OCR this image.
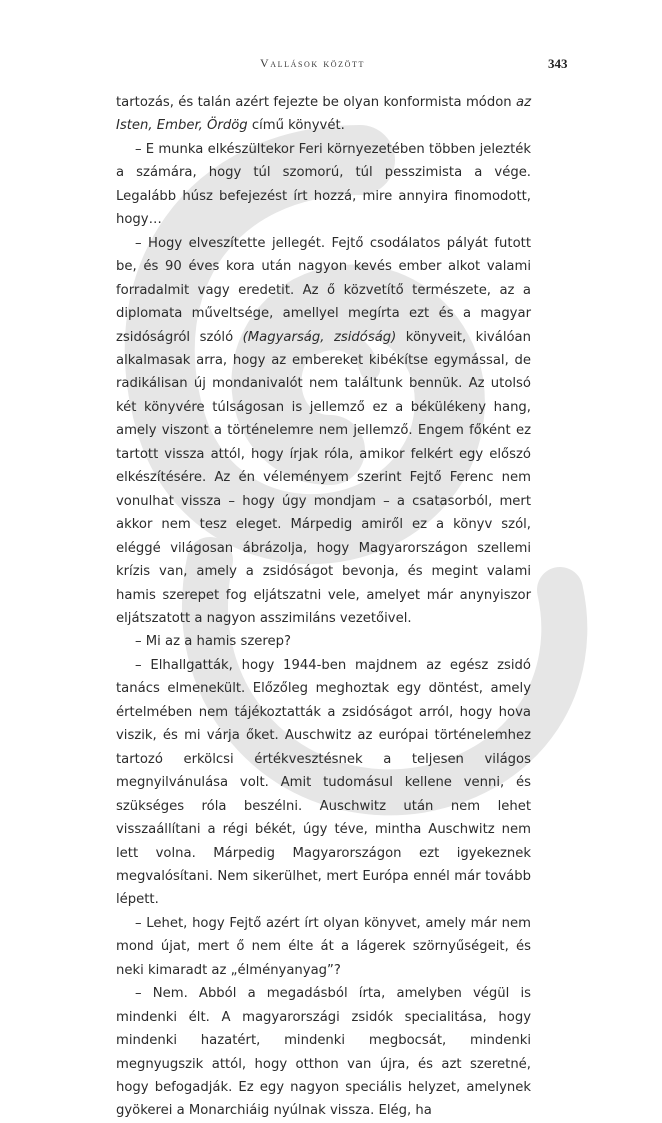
Vallások között	343

tartozás, és talán azért fejezte be olyan konformista módon az Isten, Ember, Ördög című könyvét.

– E munka elkészültekor Feri környezetében többen jelezték a számára, hogy túl szomorú, túl pesszimista a vége. Legalább húsz befejezést írt hozzá, mire annyira finomodott, hogy…

– Hogy elveszítette jellegét. Fejtő csodálatos pályát futott be, és 90 éves kora után nagyon kevés ember alkot valami forradalmit vagy eredetit. Az ő közvetítő természete, az a diplomata műveltsége, amellyel megírta ezt és a magyar zsidóságról szóló (Magyarság, zsidóság) könyveit, kiválóan alkalmasak arra, hogy az embereket kibékítse egymással, de radikálisan új mondanivalót nem találtunk bennük. Az utolsó két könyvére túlságosan is jellemző ez a békülékeny hang, amely viszont a történelemre nem jellemző. Engem főként ez tartott vissza attól, hogy írjak róla, amikor felkért egy előszó elkészítésére. Az én véleményem szerint Fejtő Ferenc nem vonulhat vissza – hogy úgy mondjam – a csatasorból, mert akkor nem tesz eleget. Márpedig amiről ez a könyv szól, eléggé világosan ábrázolja, hogy Magyarországon szellemi krízis van, amely a zsidóságot bevonja, és megint valami hamis szerepet fog eljátszatni vele, amelyet már anynyiszor eljátszatott a nagyon asszimiláns vezetőivel.

– Mi az a hamis szerep?

– Elhallgatták, hogy 1944-ben majdnem az egész zsidó tanács elmenekült. Előzőleg meghoztak egy döntést, amely értelmében nem tájékoztatták a zsidóságot arról, hogy hova viszik, és mi várja őket. Auschwitz az európai történelemhez tartozó erkölcsi értékvesztésnek a teljesen világos megnyilvánulása volt. Amit tudomásul kellene venni, és szükséges róla beszélni. Auschwitz után nem lehet visszaállítani a régi békét, úgy téve, mintha Auschwitz nem lett volna. Márpedig Magyarországon ezt igyekeznek megvalósítani. Nem sikerülhet, mert Európa ennél már tovább lépett.

– Lehet, hogy Fejtő azért írt olyan könyvet, amely már nem mond újat, mert ő nem élte át a lágerek szörnyűségeit, és neki kimaradt az „élményanyag”?

– Nem. Abból a megadásból írta, amelyben végül is mindenki élt. A magyarországi zsidók specialitása, hogy mindenki hazatért, mindenki megbocsát, mindenki megnyugszik attól, hogy otthon van újra, és azt szeretné, hogy befogadják. Ez egy nagyon speciális helyzet, amelynek gyökerei a Monarchiáig nyúlnak vissza. Elég, ha
